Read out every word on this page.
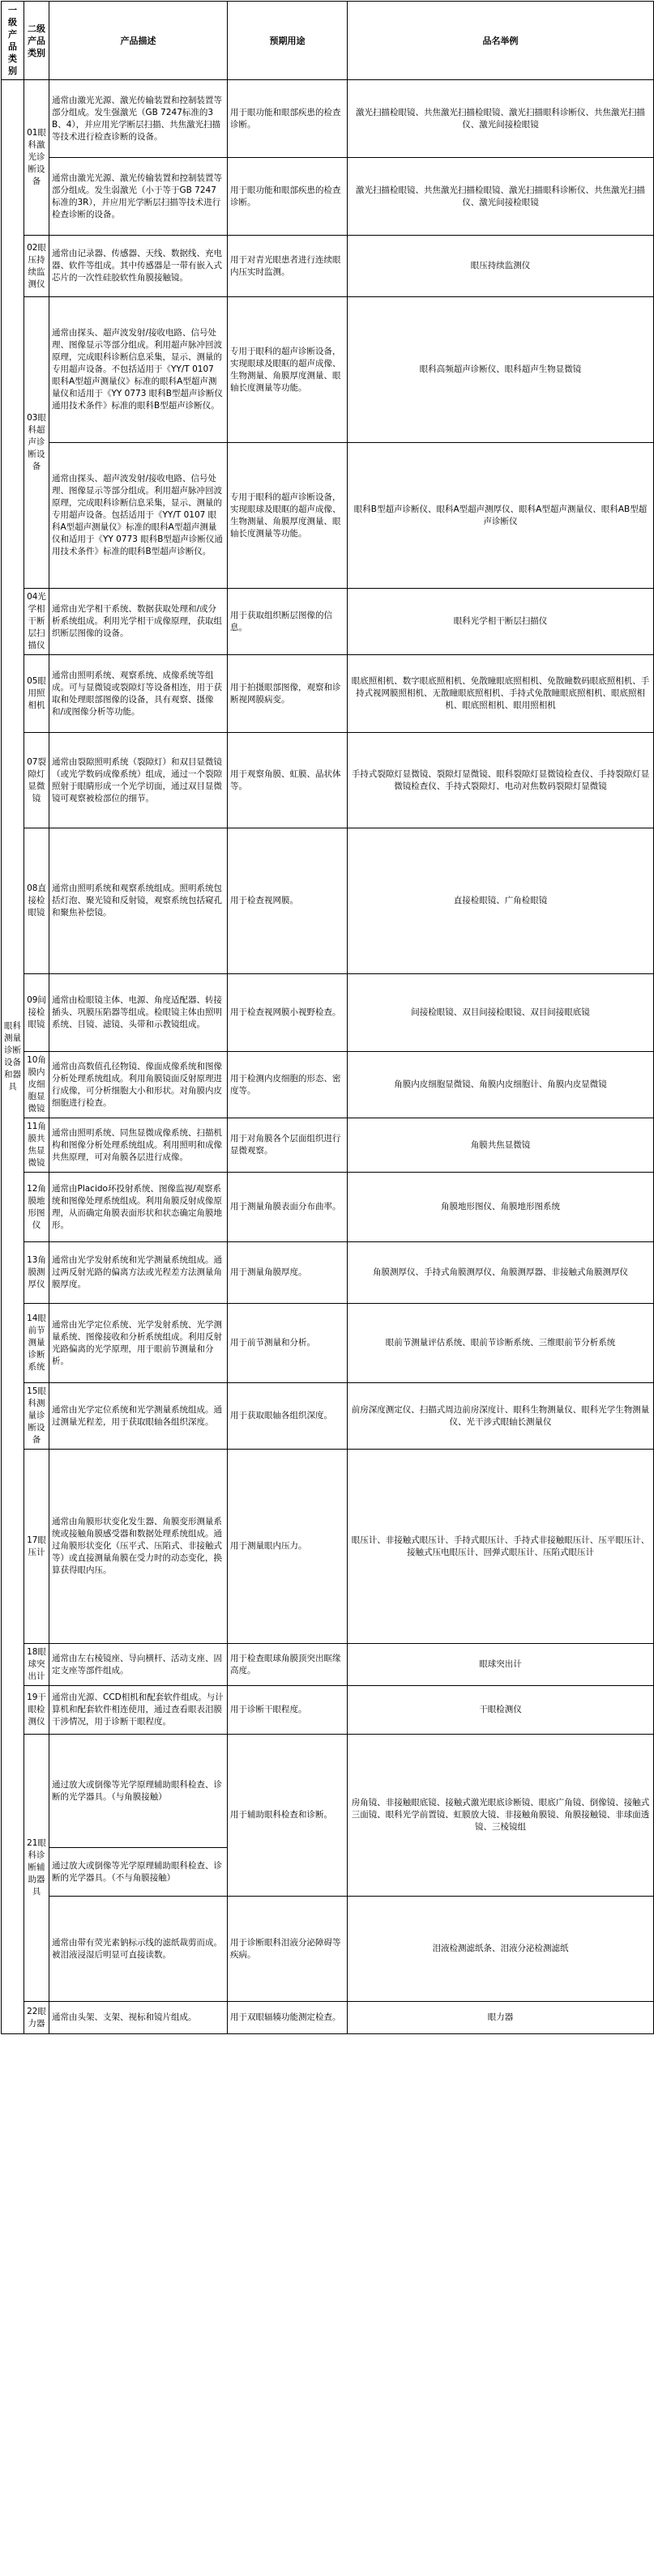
一级产品类别	二级产品类别	产品描述	预期用途	品名举例
眼科测量诊断设备和器具	01眼科激光诊断设备	通常由激光光源、激光传输装置和控制装置等部分组成。发生强激光（GB 7247标准的3B、4），并应用光学断层扫描、共焦激光扫描等技术进行检查诊断的设备。	用于眼功能和眼部疾患的检查诊断。	激光扫描检眼镜、共焦激光扫描检眼镜、激光扫描眼科诊断仪、共焦激光扫描仪、激光间接检眼镜
		通常由激光光源、激光传输装置和控制装置等部分组成。发生弱激光（小于等于GB 7247标准的3R），并应用光学断层扫描等技术进行检查诊断的设备。	用于眼功能和眼部疾患的检查诊断。	激光扫描检眼镜、共焦激光扫描检眼镜、激光扫描眼科诊断仪、共焦激光扫描仪、激光间接检眼镜
	02眼压持续监测仪	通常由记录器、传感器、天线、数据线、充电器、软件等组成。其中传感器是一带有嵌入式芯片的一次性硅胶软性角膜接触镜。	用于对青光眼患者进行连续眼内压实时监测。	眼压持续监测仪
	03眼科超声诊断设备	通常由探头、超声波发射/接收电路、信号处理、图像显示等部分组成。利用超声脉冲回波原理，完成眼科诊断信息采集，显示、测量的专用超声设备。不包括适用于《YY/T 0107 眼科A型超声测量仪》标准的眼科A型超声测量仪和适用于《YY 0773 眼科B型超声诊断仪通用技术条件》标准的眼科B型超声诊断仪。	专用于眼科的超声诊断设备，实现眼球及眼眶的超声成像、生物测量、角膜厚度测量、眼轴长度测量等功能。	眼科高频超声诊断仪、眼科超声生物显微镜
		通常由探头、超声波发射/接收电路、信号处理、图像显示等部分组成。利用超声脉冲回波原理，完成眼科诊断信息采集，显示、测量的专用超声设备。包括适用于《YY/T 0107 眼科A型超声测量仪》标准的眼科A型超声测量仪和适用于《YY 0773 眼科B型超声诊断仪通用技术条件》标准的眼科B型超声诊断仪。	专用于眼科的超声诊断设备，实现眼球及眼眶的超声成像、生物测量、角膜厚度测量、眼轴长度测量等功能。	眼科B型超声诊断仪、眼科A型超声测厚仪、眼科A型超声测量仪、眼科AB型超声诊断仪
	04光学相干断层扫描仪	通常由光学相干系统、数据获取处理和/或分析系统组成。利用光学相干成像原理，获取组织断层图像的设备。	用于获取组织断层图像的信息。	眼科光学相干断层扫描仪
	05眼用照相机	通常由照明系统、观察系统、成像系统等组成。可与显微镜或裂隙灯等设备相连，用于获取和处理眼部图像的设备，具有观察、摄像和/或图像分析等功能。	用于拍摄眼部图像，观察和诊断视网膜病变。	眼底照相机、数字眼底照相机、免散瞳眼底照相机、免散瞳数码眼底照相机、手持式视网膜照相机、无散瞳眼底照相机、手持式免散瞳眼底照相机、眼底照相机、眼底照相机、眼用照相机
	07裂隙灯显微镜	通常由裂隙照明系统（裂隙灯）和双目显微镜（或光学数码成像系统）组成，通过一个裂隙照射于眼睛形成一个光学切面，通过双目显微镜可观察被检部位的细节。	用于观察角膜、虹膜、晶状体等。	手持式裂隙灯显微镜、裂隙灯显微镜、眼科裂隙灯显微镜检查仪、手持裂隙灯显微镜检查仪、手持式裂隙灯、电动对焦数码裂隙灯显微镜
	08直接检眼镜	通常由照明系统和观察系统组成。照明系统包括灯泡、聚光镜和反射镜，观察系统包括窥孔和聚焦补偿镜。	用于检查视网膜。	直接检眼镜、广角检眼镜
	09间接检眼镜	通常由检眼镜主体、电源、角度适配器、转接插头、巩膜压陷器等组成。检眼镜主体由照明系统、目镜、滤镜、头带和示教镜组成。	用于检查视网膜小视野检查。	间接检眼镜、双目间接检眼镜、双目间接眼底镜
	10角膜内皮细胞显微镜	通常由高数值孔径物镜、像面成像系统和图像分析处理系统组成。利用角膜镜面反射原理进行成像，可分析细胞大小和形状。对角膜内皮细胞进行检查。	用于检测内皮细胞的形态、密度等。	角膜内皮细胞显微镜、角膜内皮细胞计、角膜内皮显微镜
	11角膜共焦显微镜	通常由照明系统、同焦显微成像系统、扫描机构和图像分析处理系统组成。利用照明和成像共焦原理，可对角膜各层进行成像。	用于对角膜各个层面组织进行显微观察。	角膜共焦显微镜
	12角膜地形图仪	通常由Placido环投射系统、图像监视/观察系统和图像处理系统组成。利用角膜反射成像原理，从而确定角膜表面形状和状态确定角膜地形。	用于测量角膜表面分布曲率。	角膜地形图仪、角膜地形图系统
	13角膜测厚仪	通常由光学发射系统和光学测量系统组成。通过两反射光路的偏离方法或光程差方法测量角膜厚度。	用于测量角膜厚度。	角膜测厚仪、手持式角膜测厚仪、角膜测厚器、非接触式角膜测厚仪
	14眼前节测量诊断系统	通常由光学定位系统、光学发射系统、光学测量系统、图像接收和分析系统组成。利用反射光路偏离的光学原理，用于眼前节测量和分析。	用于前节测量和分析。	眼前节测量评估系统、眼前节诊断系统、三维眼前节分析系统
	15眼科测量诊断设备	通常由光学定位系统和光学测量系统组成。通过测量光程差，用于获取眼轴各组织深度。	用于获取眼轴各组织深度。	前房深度测定仪、扫描式周边前房深度计、眼科生物测量仪、眼科光学生物测量仪、光干涉式眼轴长测量仪
	17眼压计	通常由角膜形状变化发生器、角膜变形测量系统或接触角膜感受器和数据处理系统组成。通过角膜形状变化（压平式、压陷式、非接触式等）或直接测量角膜在受力时的动态变化，换算获得眼内压。	用于测量眼内压力。	眼压计、非接触式眼压计、手持式眼压计、手持式非接触眼压计、压平眼压计、接触式压电眼压计、回弹式眼压计、压陷式眼压计
	18眼球突出计	通常由左右棱镜座、导向横杆、活动支座、固定支座等部件组成。	用于检查眼球角膜顶突出眶缘高度。	眼球突出计
	19干眼检测仪	通常由光源、CCD相机和配套软件组成。与计算机和配套软件相连使用，通过查看眼表泪膜干涉情况，用于诊断干眼程度。	用于诊断干眼程度。	干眼检测仪
	21眼科诊断辅助器具	通过放大或倒像等光学原理辅助眼科检查、诊断的光学器具。（与角膜接触）	用于辅助眼科检查和诊断。	房角镜、非接触眼底镜、接触式激光眼底诊断镜、眼底广角镜、倒像镜、接触式三面镜、眼科光学前置镜、虹膜放大镜、非接触角膜镜、角膜接触镜、非球面透镜、三棱镜组
		通过放大或倒像等光学原理辅助眼科检查、诊断的光学器具。（不与角膜接触）		
		通常由带有荧光素钠标示线的滤纸裁剪而成。被泪液浸湿后明显可直接读数。	用于诊断眼科泪液分泌障碍等疾病。	泪液检测滤纸条、泪液分泌检测滤纸
	22眼力器	通常由头架、支架、视标和镜片组成。	用于双眼辐辏功能测定检查。	眼力器
